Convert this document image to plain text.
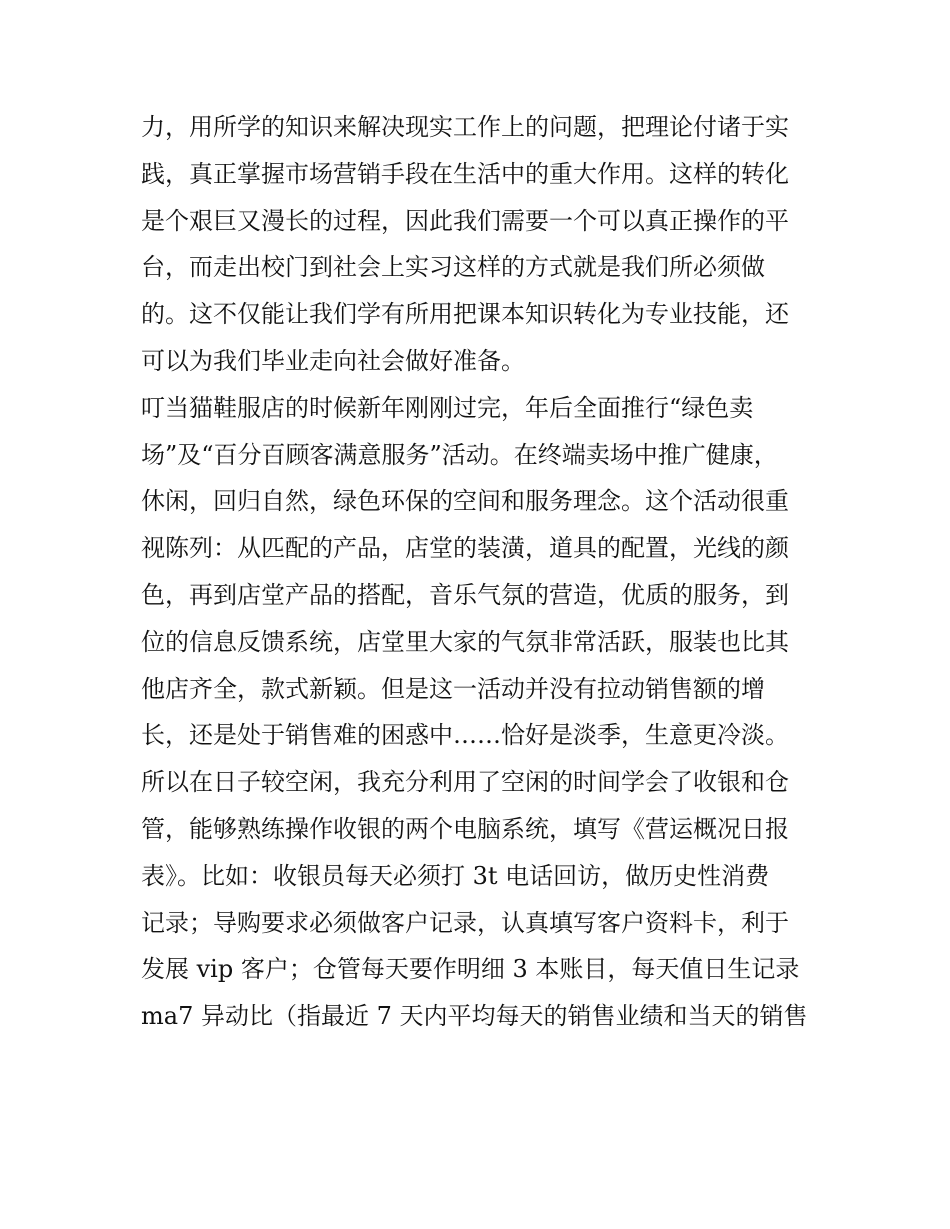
力，用所学的知识来解决现实工作上的问题，把理论付诸于实
践，真正掌握市场营销手段在生活中的重大作用。这样的转化
是个艰巨又漫长的过程，因此我们需要一个可以真正操作的平
台，而走出校门到社会上实习这样的方式就是我们所必须做
的。这不仅能让我们学有所用把课本知识转化为专业技能，还
可以为我们毕业走向社会做好准备。
叮当猫鞋服店的时候新年刚刚过完，年后全面推行“绿色卖
场”及“百分百顾客满意服务”活动。在终端卖场中推广健康，
休闲，回归自然，绿色环保的空间和服务理念。这个活动很重
视陈列：从匹配的产品，店堂的装潢，道具的配置，光线的颜
色，再到店堂产品的搭配，音乐气氛的营造，优质的服务，到
位的信息反馈系统，店堂里大家的气氛非常活跃，服装也比其
他店齐全，款式新颖。但是这一活动并没有拉动销售额的增
长，还是处于销售难的困惑中……恰好是淡季，生意更冷淡。
所以在日子较空闲，我充分利用了空闲的时间学会了收银和仓
管，能够熟练操作收银的两个电脑系统，填写《营运概况日报
表》。比如：收银员每天必须打 3t 电话回访，做历史性消费
记录；导购要求必须做客户记录，认真填写客户资料卡，利于
发展 vip 客户；仓管每天要作明细 3 本账目，每天值日生记录
ma7 异动比（指最近 7 天内平均每天的销售业绩和当天的销售
